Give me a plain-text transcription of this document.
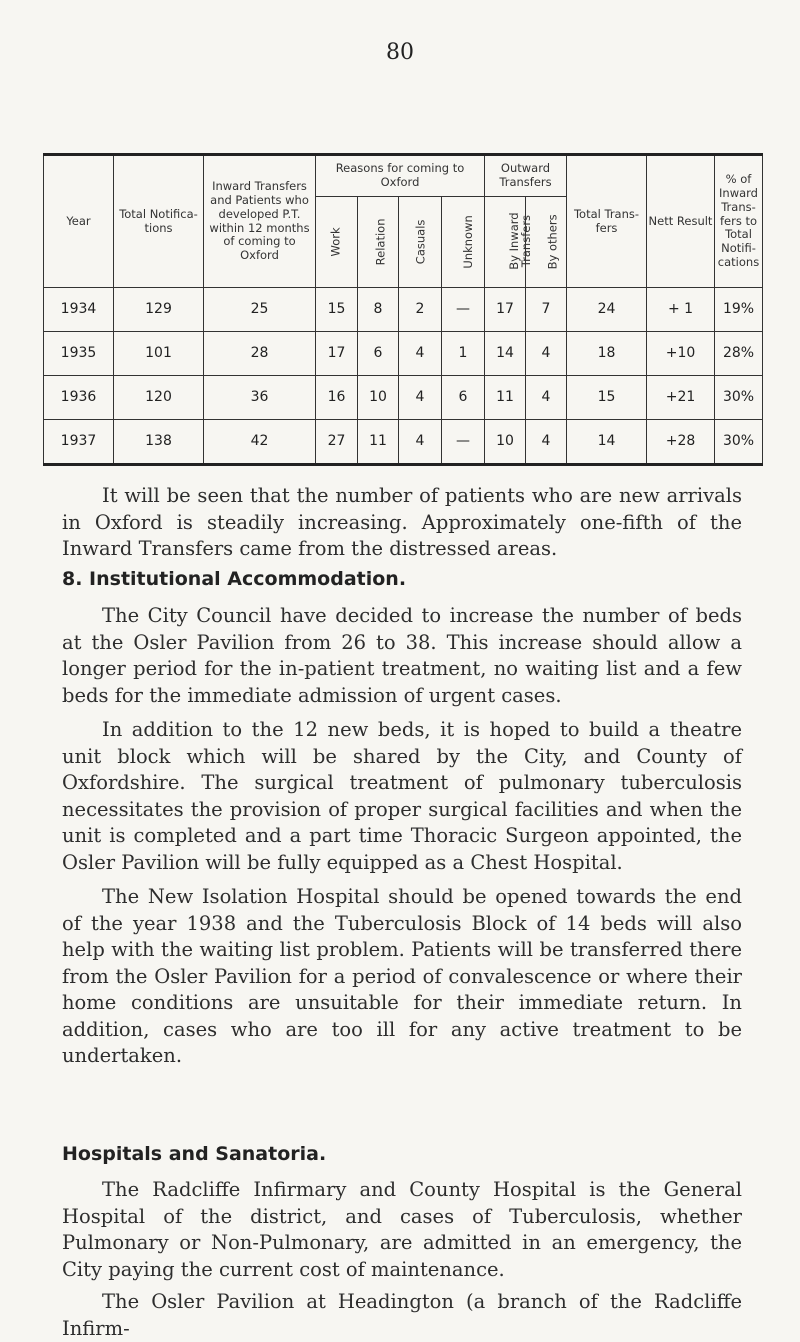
80
Year	Total Notifica- tions	Inward Transfers and Patients who developed P.T. within 12 months of coming to Oxford	Reasons for coming to Oxford				Outward Transfers		Total Trans- fers	Nett Result	% of Inward Trans- fers to Total Notifi- cations
			Work	Relation	Casuals	Unknown	By Inward Transfers	By others			
1934	129	25	15	8	2	—	17	7	24	+ 1	19%
1935	101	28	17	6	4	1	14	4	18	+10	28%
1936	120	36	16	10	4	6	11	4	15	+21	30%
1937	138	42	27	11	4	—	10	4	14	+28	30%

It will be seen that the number of patients who are new arrivals in Oxford is steadily increasing. Approximately one-fifth of the Inward Transfers came from the distressed areas.

8. Institutional Accommodation.

The City Council have decided to increase the number of beds at the Osler Pavilion from 26 to 38. This increase should allow a longer period for the in-patient treatment, no waiting list and a few beds for the immediate admission of urgent cases.

In addition to the 12 new beds, it is hoped to build a theatre unit block which will be shared by the City, and County of Oxfordshire. The surgical treatment of pulmonary tuberculosis necessitates the provision of proper surgical facilities and when the unit is completed and a part time Thoracic Surgeon appointed, the Osler Pavilion will be fully equipped as a Chest Hospital.

The New Isolation Hospital should be opened towards the end of the year 1938 and the Tuberculosis Block of 14 beds will also help with the waiting list problem. Patients will be transferred there from the Osler Pavilion for a period of convalescence or where their home conditions are unsuitable for their immediate return. In addition, cases who are too ill for any active treatment to be undertaken.

Hospitals and Sanatoria.

The Radcliffe Infirmary and County Hospital is the General Hospital of the district, and cases of Tuberculosis, whether Pulmonary or Non-Pulmonary, are admitted in an emergency, the City paying the current cost of maintenance.

The Osler Pavilion at Headington (a branch of the Radcliffe Infirm-
